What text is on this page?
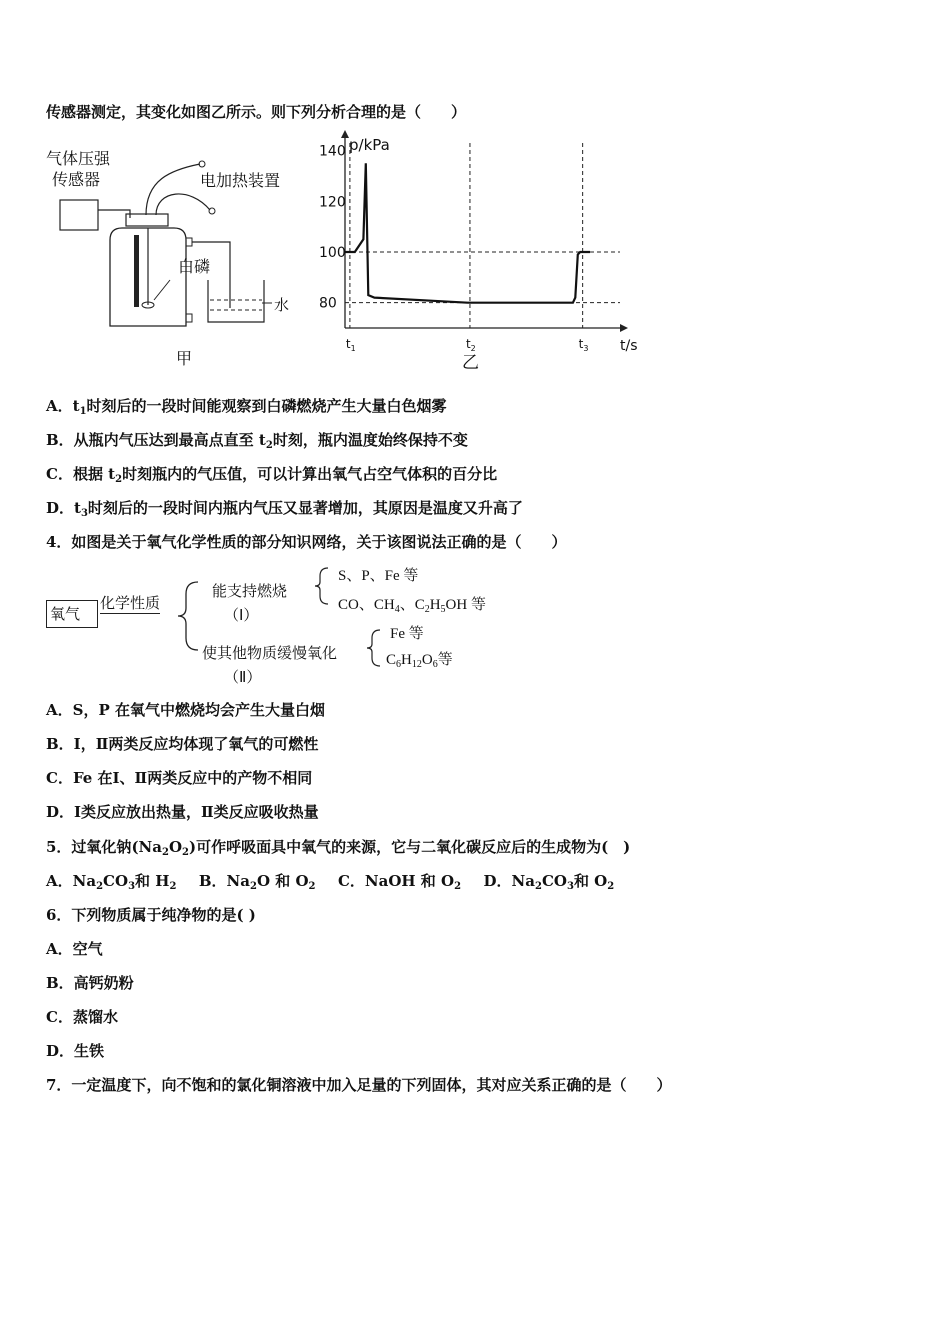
传感器测定，其变化如图乙所示。则下列分析合理的是（　　）
气体压强
传感器	电加热装置
白磷
水
甲
p/kPa
t/s
140
120
100
80
$t_1$	$t_2$	$t_3$
乙
A．$t_1$时刻后的一段时间能观察到白磷燃烧产生大量白色烟雾
B．从瓶内气压达到最高点直至 $t_2$时刻，瓶内温度始终保持不变
C．根据 $t_2$时刻瓶内的气压值，可以计算出氧气占空气体积的百分比
D．$t_3$时刻后的一段时间内瓶内气压又显著增加，其原因是温度又升高了
4．如图是关于氧气化学性质的部分知识网络，关于该图说法正确的是（　　）
氧气
化学性质
能支持燃烧
（Ⅰ）
S、P、Fe 等
CO、$CH_4$、$C_2H_5OH$ 等
使其他物质缓慢氧化
（Ⅱ）
Fe 等
$C_6H_{12}O_6$等
A．S，P 在氧气中燃烧均会产生大量白烟
B．Ⅰ，Ⅱ两类反应均体现了氧气的可燃性
C．Fe 在Ⅰ、Ⅱ两类反应中的产物不相同
D．Ⅰ类反应放出热量，Ⅱ类反应吸收热量
5．过氧化钠$(Na_2O_2)$可作呼吸面具中氧气的来源，它与二氧化碳反应后的生成物为(　)
A．$Na_2CO_3$和 $H_2$ B．$Na_2O$ 和 $O_2$ C．NaOH 和 $O_2$ D．$Na_2CO_3$和 $O_2$
6．下列物质属于纯净物的是( )
A．空气
B．高钙奶粉
C．蒸馏水
D．生铁
7．一定温度下，向不饱和的氯化铜溶液中加入足量的下列固体，其对应关系正确的是（　　）
